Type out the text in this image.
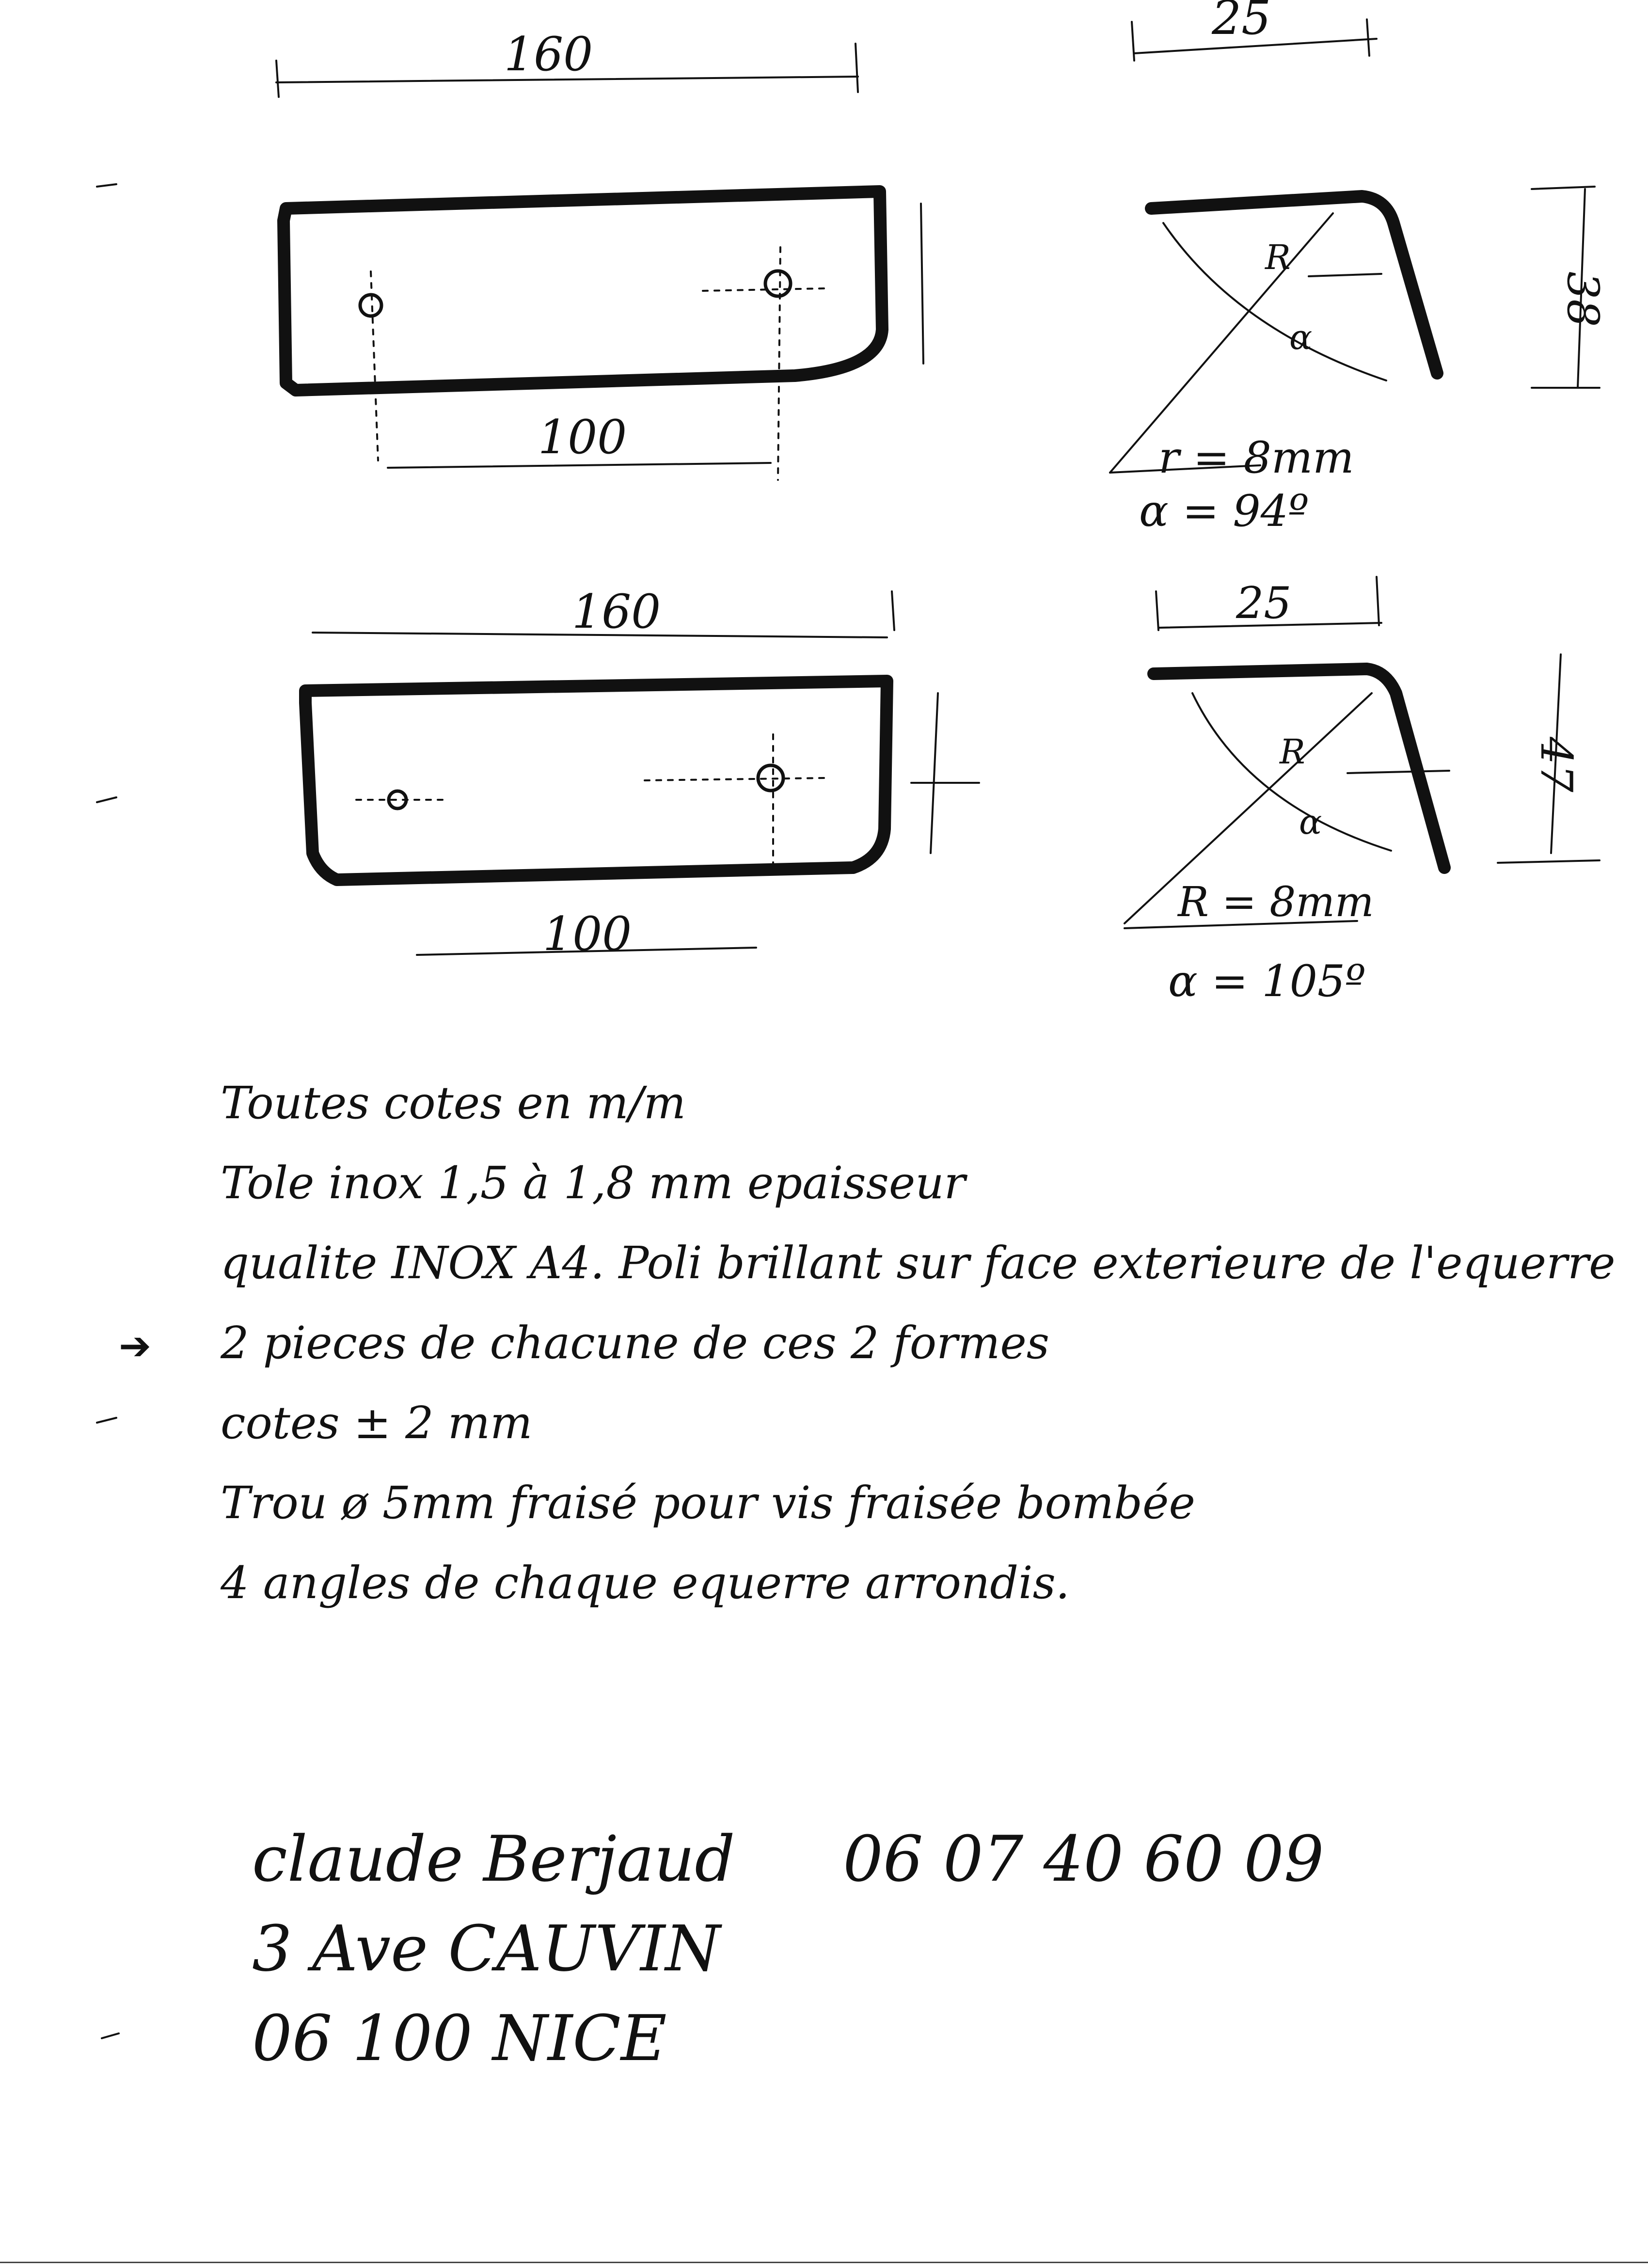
160
100
25
38
R
α
r = 8mm
α = 94º
160
100
25
47
R
α
R = 8mm
α = 105º
➔
Toutes cotes en m/m
Tole inox 1,5 à 1,8 mm epaisseur
qualite INOX A4. Poli brillant sur face exterieure de l'equerre
2 pieces de chacune de ces 2 formes
cotes ± 2 mm
Trou ø 5mm fraisé pour vis fraisée bombée
4 angles de chaque equerre arrondis.
claude Berjaud 06 07 40 60 09
3 Ave CAUVIN
06 100 NICE
